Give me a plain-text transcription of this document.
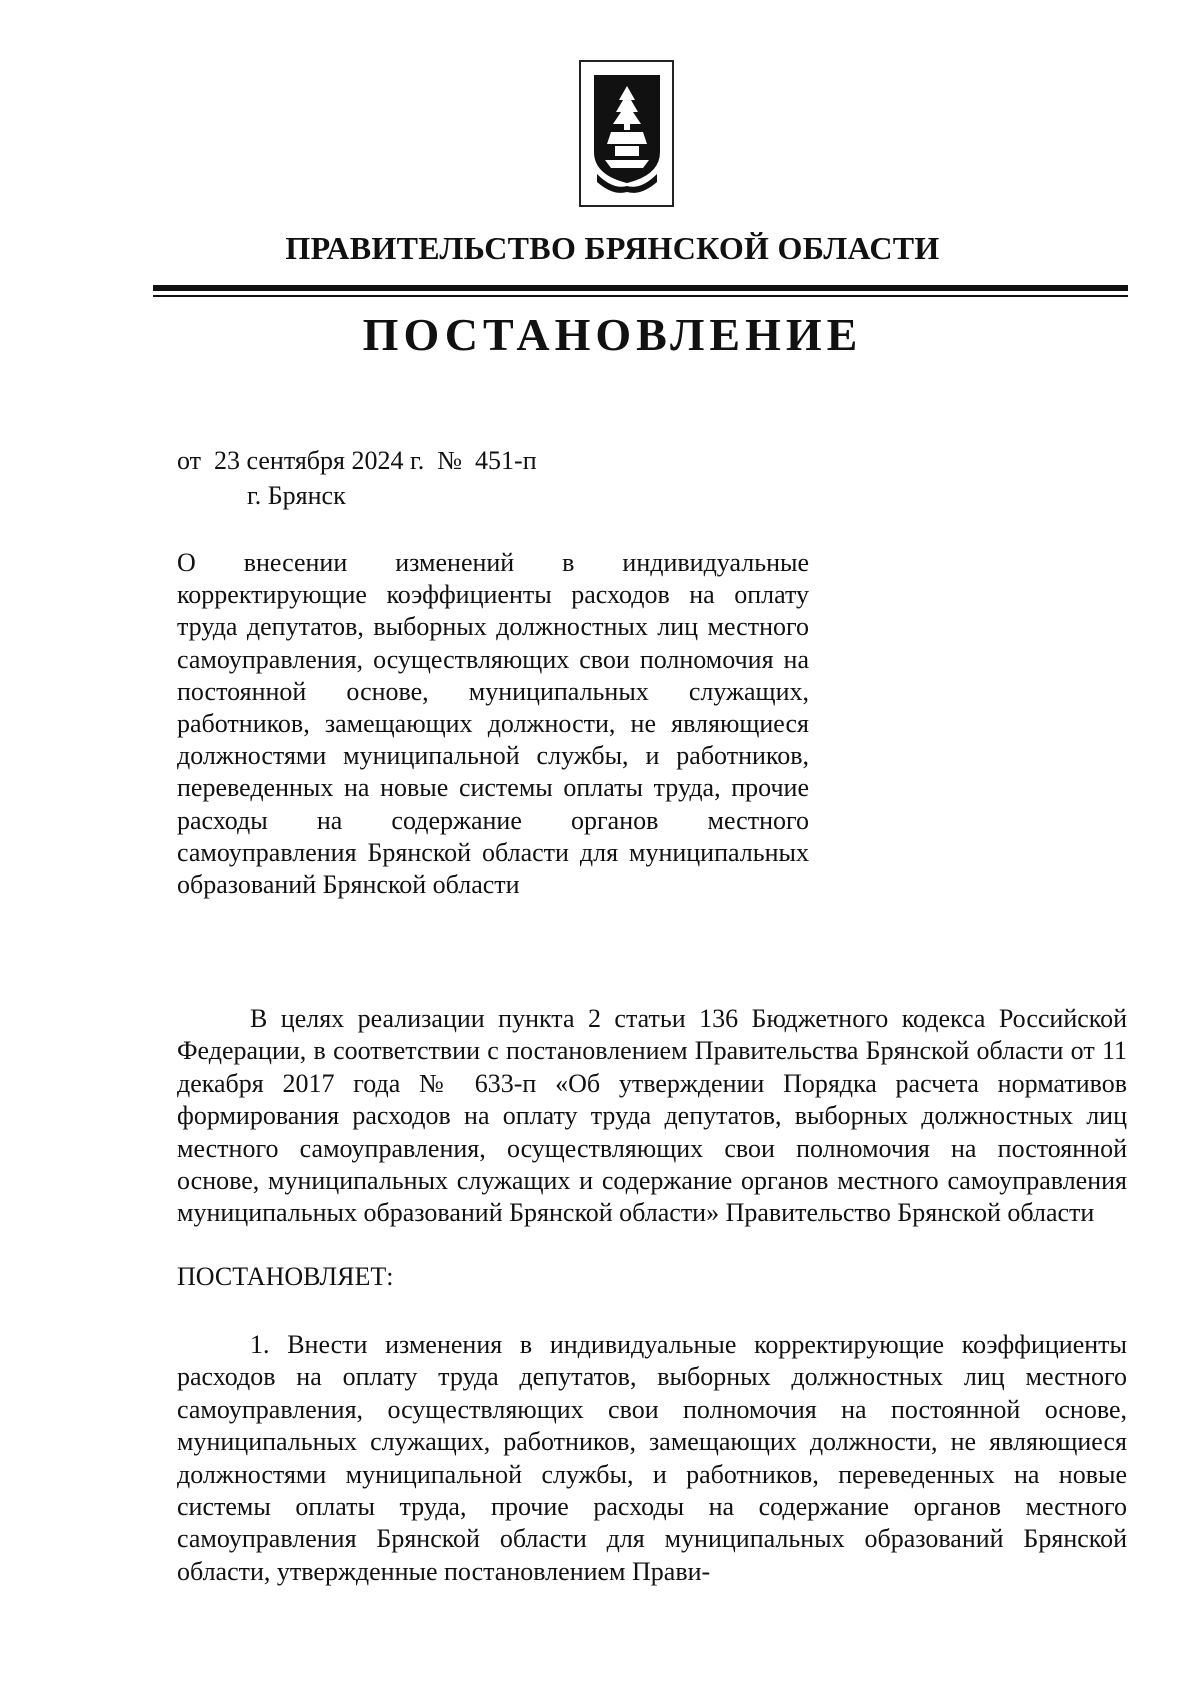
ПРАВИТЕЛЬСТВО БРЯНСКОЙ ОБЛАСТИ
ПОСТАНОВЛЕНИЕ
от  23 сентября 2024 г.  №  451-п
г. Брянск
О внесении изменений в индивидуальные корректирующие коэффициенты расходов на оплату труда депутатов, выборных должностных лиц местного самоуправления, осуществляющих свои полномочия на постоянной основе, муниципальных служащих, работников, замещающих должности, не являющиеся должностями муниципальной службы, и работников, переведенных на новые системы оплаты труда, прочие расходы на содержание органов местного самоуправления Брянской области для муниципальных образований Брянской области
В целях реализации пункта 2 статьи 136 Бюджетного кодекса Российской Федерации, в соответствии с постановлением Правительства Брянской области от 11 декабря 2017 года № 633-п «Об утверждении Порядка расчета нормативов формирования расходов на оплату труда депутатов, выборных должностных лиц местного самоуправления, осуществляющих свои полномочия на постоянной основе, муниципальных служащих и содержание органов местного самоуправления муниципальных образований Брянской области» Правительство Брянской области
ПОСТАНОВЛЯЕТ:
1. Внести изменения в индивидуальные корректирующие коэффициенты расходов на оплату труда депутатов, выборных должностных лиц местного самоуправления, осуществляющих свои полномочия на постоянной основе, муниципальных служащих, работников, замещающих должности, не являющиеся должностями муниципальной службы, и работников, переведенных на новые системы оплаты труда, прочие расходы на содержание органов местного самоуправления Брянской области для муниципальных образований Брянской области, утвержденные постановлением Прави-
